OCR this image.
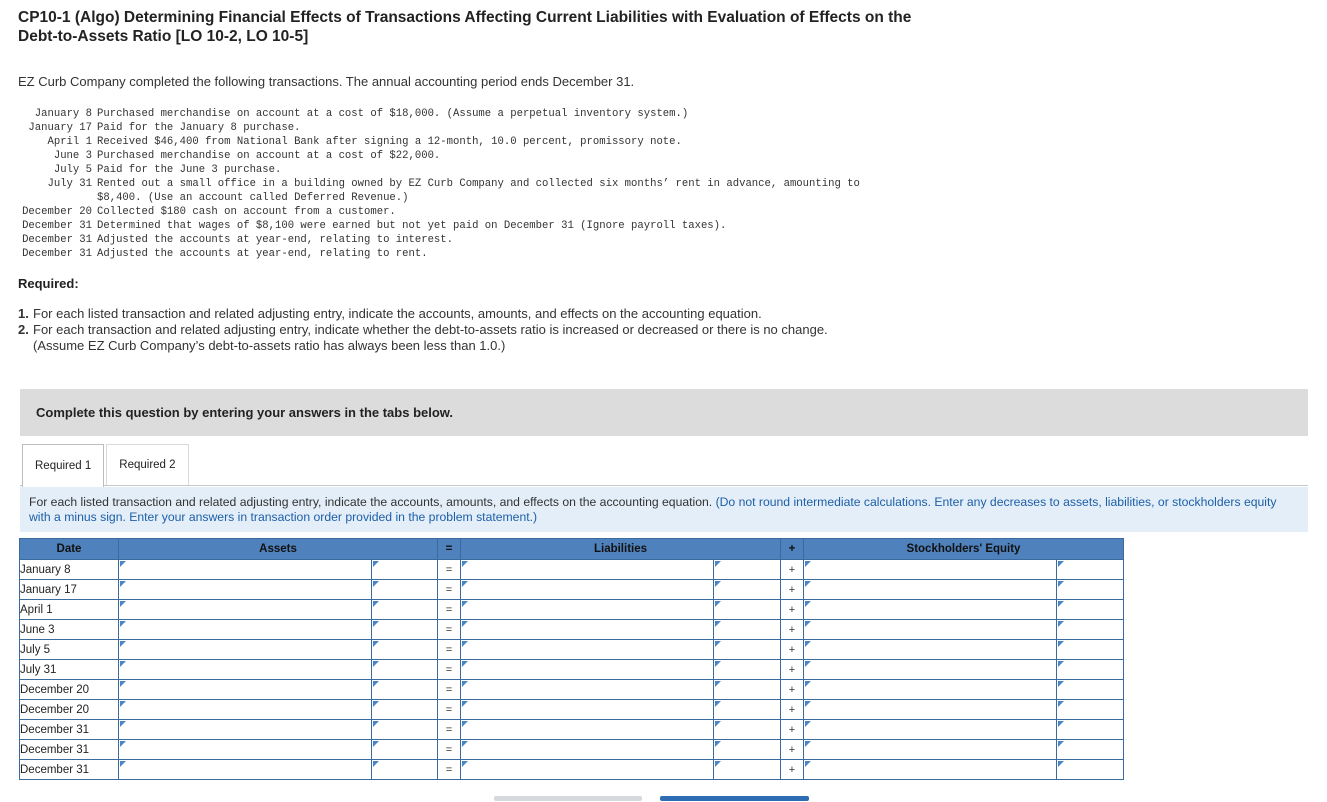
CP10-1 (Algo) Determining Financial Effects of Transactions Affecting Current Liabilities with Evaluation of Effects on the Debt-to-Assets Ratio [LO 10-2, LO 10-5]
EZ Curb Company completed the following transactions. The annual accounting period ends December 31.
January 8 Purchased merchandise on account at a cost of $18,000. (Assume a perpetual inventory system.)
January 17 Paid for the January 8 purchase.
April 1 Received $46,400 from National Bank after signing a 12-month, 10.0 percent, promissory note.
June 3 Purchased merchandise on account at a cost of $22,000.
July 5 Paid for the June 3 purchase.
July 31 Rented out a small office in a building owned by EZ Curb Company and collected six months’ rent in advance, amounting to $8,400. (Use an account called Deferred Revenue.)
December 20 Collected $180 cash on account from a customer.
December 31 Determined that wages of $8,100 were earned but not yet paid on December 31 (Ignore payroll taxes).
December 31 Adjusted the accounts at year-end, relating to interest.
December 31 Adjusted the accounts at year-end, relating to rent.
Required:
1. For each listed transaction and related adjusting entry, indicate the accounts, amounts, and effects on the accounting equation.
2. For each transaction and related adjusting entry, indicate whether the debt-to-assets ratio is increased or decreased or there is no change. (Assume EZ Curb Company’s debt-to-assets ratio has always been less than 1.0.)
Complete this question by entering your answers in the tabs below.
Required 1	Required 2
For each listed transaction and related adjusting entry, indicate the accounts, amounts, and effects on the accounting equation. (Do not round intermediate calculations. Enter any decreases to assets, liabilities, or stockholders equity with a minus sign. Enter your answers in transaction order provided in the problem statement.)
Date	Assets		=	Liabilities		+	Stockholders' Equity	
January 8			=			+		
January 17			=			+		
April 1			=			+		
June 3			=			+		
July 5			=			+		
July 31			=			+		
December 20			=			+		
December 20			=			+		
December 31			=			+		
December 31			=			+		
December 31			=			+		
